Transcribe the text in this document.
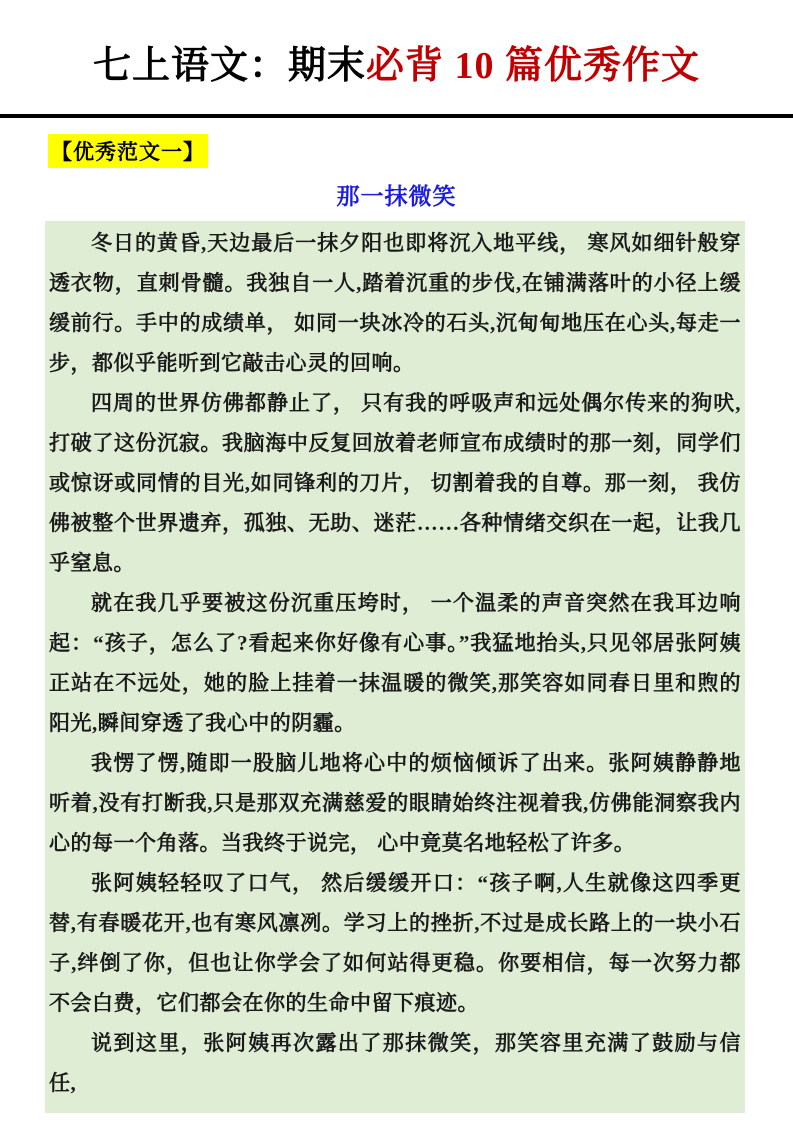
七上语文：期末必背 10 篇优秀作文
【优秀范文一】
那一抹微笑

冬日的黄昏,天边最后一抹夕阳也即将沉入地平线， 寒风如细针般穿透衣物，直刺骨髓。我独自一人,踏着沉重的步伐,在铺满落叶的小径上缓缓前行。手中的成绩单， 如同一块冰冷的石头,沉甸甸地压在心头,每走一步，都似乎能听到它敲击心灵的回响。

四周的世界仿佛都静止了， 只有我的呼吸声和远处偶尔传来的狗吠,打破了这份沉寂。我脑海中反复回放着老师宣布成绩时的那一刻，同学们或惊讶或同情的目光,如同锋利的刀片， 切割着我的自尊。那一刻， 我仿佛被整个世界遗弃，孤独、无助、迷茫……各种情绪交织在一起，让我几乎窒息。

就在我几乎要被这份沉重压垮时， 一个温柔的声音突然在我耳边响起：“孩子，怎么了?看起来你好像有心事。”我猛地抬头,只见邻居张阿姨正站在不远处，她的脸上挂着一抹温暖的微笑,那笑容如同春日里和煦的阳光,瞬间穿透了我心中的阴霾。

我愣了愣,随即一股脑儿地将心中的烦恼倾诉了出来。张阿姨静静地听着,没有打断我,只是那双充满慈爱的眼睛始终注视着我,仿佛能洞察我内心的每一个角落。当我终于说完， 心中竟莫名地轻松了许多。

张阿姨轻轻叹了口气， 然后缓缓开口：“孩子啊,人生就像这四季更替,有春暖花开,也有寒风凛冽。学习上的挫折,不过是成长路上的一块小石子,绊倒了你，但也让你学会了如何站得更稳。你要相信，每一次努力都不会白费，它们都会在你的生命中留下痕迹。

说到这里，张阿姨再次露出了那抹微笑，那笑容里充满了鼓励与信任,
